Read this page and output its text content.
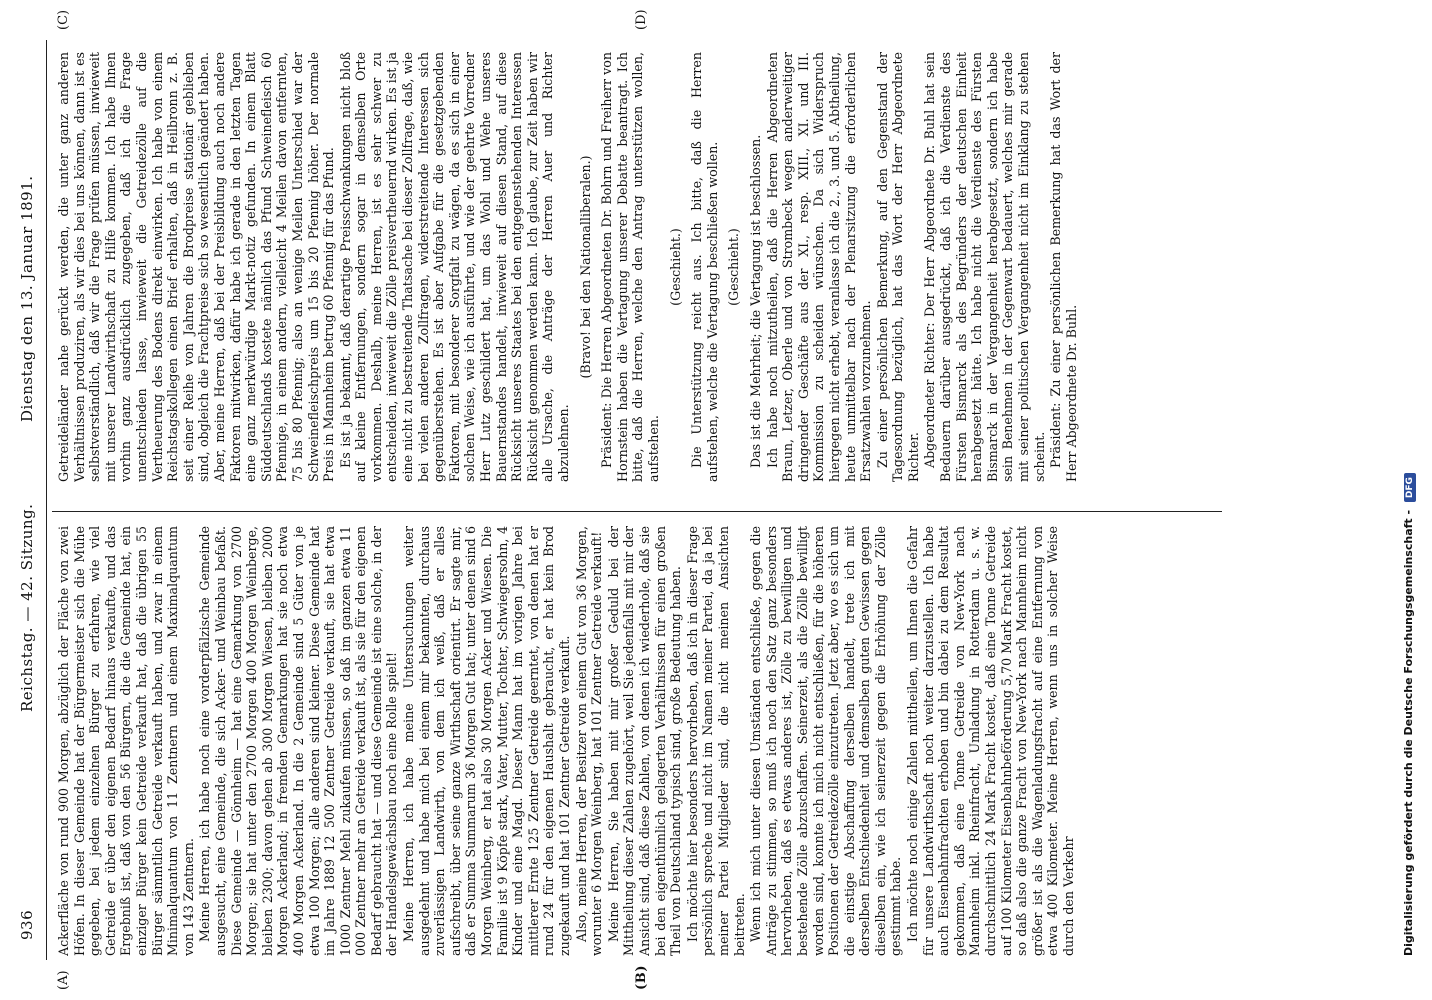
936
Reichstag. — 42. Sitzung.
Dienstag den 13. Januar 1891.
(A)	(B)
(C)	(D)

Ackerfläche von rund 900 Morgen, abzüglich der Fläche von zwei Höfen. In dieser Gemeinde hat der Bürgermeister sich die Mühe gegeben, bei jedem einzelnen Bürger zu erfahren, wie viel Getreide er über den eigenen Bedarf hinaus verkaufte, und das Ergebniß ist, daß von den 56 Bürgern, die die Gemeinde hat, ein einziger Bürger kein Getreide verkauft hat, daß die übrigen 55 Bürger sämmtlich Getreide verkauft haben, und zwar in einem Minimalquantum von 11 Zentnern und einem Maximalquantum von 143 Zentnern. Meine Herren, ich habe noch eine vorderpfälzische Gemeinde ausgesucht, eine Gemeinde, die sich Acker- und Weinbau befaßt. Diese Gemeinde — Gönnheim — hat eine Gemarkung von 2700 Morgen; sie hat unter den 2700 Morgen 400 Morgen Weinberge, bleiben 2300; davon gehen ab 300 Morgen Wiesen, bleiben 2000 Morgen Ackerland; in fremden Gemarkungen hat sie noch etwa 400 Morgen Ackerland. In die 2 Gemeinde sind 5 Güter von je etwa 100 Morgen; alle anderen sind kleiner. Diese Gemeinde hat im Jahre 1889 12 500 Zentner Getreide verkauft, sie hat etwa 1000 Zentner Mehl zukaufen müssen, so daß im ganzen etwa 11 000 Zentner mehr an Getreide verkauft ist, als sie für den eigenen Bedarf gebraucht hat — und diese Gemeinde ist eine solche, in der der Handelsgewächsbau noch eine Rolle spielt! Meine Herren, ich habe meine Untersuchungen weiter ausgedehnt und habe mich bei einem mir bekannten, durchaus zuverlässigen Landwirth, von dem ich weiß, daß er alles aufschreibt, über seine ganze Wirthschaft orientirt. Er sagte mir, daß er Summa Summarum 36 Morgen Gut hat; unter denen sind 6 Morgen Weinberg, er hat also 30 Morgen Acker und Wiesen. Die Familie ist 9 Köpfe stark, Vater, Mutter, Tochter, Schwiegersohn, 4 Kinder und eine Magd. Dieser Mann hat im vorigen Jahre bei mittlerer Ernte 125 Zentner Getreide geerntet, von denen hat er rund 24 für den eigenen Haushalt gebraucht, er hat kein Brod zugekauft und hat 101 Zentner Getreide verkauft. Also, meine Herren, der Besitzer von einem Gut von 36 Morgen, worunter 6 Morgen Weinberg, hat 101 Zentner Getreide verkauft! Meine Herren, Sie haben mit mir großer Geduld bei der Mittheilung dieser Zahlen zugehört, weil Sie jedenfalls mit mir der Ansicht sind, daß diese Zahlen, von denen ich wiederhole, daß sie bei den eigenthümlich gelagerten Verhältnissen für einen großen Theil von Deutschland typisch sind, große Bedeutung haben. Ich möchte hier besonders hervorheben, daß ich in dieser Frage persönlich spreche und nicht im Namen meiner Partei, da ja bei meiner Partei Mitglieder sind, die nicht meinen Ansichten beitreten. Wenn ich mich unter diesen Umständen entschließe, gegen die Anträge zu stimmen, so muß ich noch den Satz ganz besonders hervorheben, daß es etwas anderes ist, Zölle zu bewilligen und bestehende Zölle abzuschaffen. Seinerzeit, als die Zölle bewilligt worden sind, konnte ich mich nicht entschließen, für die höheren Positionen der Getreidezölle einzutreten. Jetzt aber, wo es sich um die einstige Abschaffung derselben handelt, trete ich mit derselben Entschiedenheit und demselben guten Gewissen gegen dieselben ein, wie ich seinerzeit gegen die Erhöhung der Zölle gestimmt habe. Ich möchte noch einige Zahlen mittheilen, um Ihnen die Gefahr für unsere Landwirthschaft noch weiter darzustellen. Ich habe auch Eisenbahnfrachten erhoben und bin dabei zu dem Resultat gekommen, daß eine Tonne Getreide von New-York nach Mannheim inkl. Rheinfracht, Umladung in Rotterdam u. s. w. durchschnittlich 24 Mark Fracht kostet, daß eine Tonne Getreide auf 100 Kilometer Eisenbahnbeförderung 5,70 Mark Fracht kostet, so daß also die ganze Fracht von New-York nach Mannheim nicht größer ist als die Wagenladungsfracht auf eine Entfernung von etwa 400 Kilometer. Meine Herren, wenn uns in solcher Weise durch den Verkehr

Getreideländer nahe gerückt werden, die unter ganz anderen Verhältnissen produziren, als wir dies bei uns können, dann ist es selbstverständlich, daß wir die Frage prüfen müssen, inwieweit mit unserer Landwirthschaft zu Hilfe kommen. Ich habe Ihnen vorhin ganz ausdrücklich zugegeben, daß ich die Frage unentschieden lasse, inwieweit die Getreidezölle auf die Vertheuerung des Bodens direkt einwirken. Ich habe von einem Reichstagskollegen einen Brief erhalten, daß in Heilbronn z. B. seit einer Reihe von Jahren die Brodpreise stationär geblieben sind, obgleich die Frachtpreise sich so wesentlich geändert haben. Aber, meine Herren, daß bei der Preisbildung auch noch andere Faktoren mitwirken, dafür habe ich gerade in den letzten Tagen eine ganz merkwürdige Markt-notiz gefunden. In einem Blatt Süddeutschlands kostete nämlich das Pfund Schweinefleisch 60 Pfennige, in einem andern, vielleicht 4 Meilen davon entfernten, 75 bis 80 Pfennig; also an wenige Meilen Unterschied war der Schweinefleischpreis um 15 bis 20 Pfennig höher. Der normale Preis in Mannheim betrug 60 Pfennig für das Pfund. Es ist ja bekannt, daß derartige Preisschwankungen nicht bloß auf kleine Entfernungen, sondern sogar in demselben Orte vorkommen. Deshalb, meine Herren, ist es sehr schwer zu entscheiden, inwieweit die Zölle preisvertheuernd wirken. Es ist ja eine nicht zu bestreitende Thatsache bei dieser Zollfrage, daß, wie bei vielen anderen Zollfragen, widerstreitende Interessen sich gegenüberstehen. Es ist aber Aufgabe für die gesetzgebenden Faktoren, mit besonderer Sorgfalt zu wägen, da es sich in einer solchen Weise, wie ich ausführte, und wie der geehrte Vorredner Herr Lutz geschildert hat, um das Wohl und Wehe unseres Bauernstandes handelt, inwieweit auf diesen Stand, auf diese Rücksicht unseres Staates bei den entgegenstehenden Interessen Rücksicht genommen werden kann. Ich glaube, zur Zeit haben wir alle Ursache, die Anträge der Herren Auer und Richter abzulehnen.

(Bravo! bei den Nationalliberalen.) Präsident: Die Herren Abgeordneten Dr. Bohrn und Freiherr von Hornstein haben die Vertagung unserer Debatte beantragt. Ich bitte, daß die Herren, welche den Antrag unterstützen wollen, aufstehen.

(Geschieht.) Die Unterstützung reicht aus. Ich bitte, daß die Herren aufstehen, welche die Vertagung beschließen wollen. (Geschieht.) Das ist die Mehrheit; die Vertagung ist beschlossen. Ich habe noch mitzutheilen, daß die Herren Abgeordneten Braun, Letzer, Oberle und von Strombeck wegen anderweitiger dringender Geschäfte aus der XI., resp. XIII., XI. und III. Kommission zu scheiden wünschen. Da sich Widerspruch hiergegen nicht erhebt, veranlasse ich die 2., 3. und 5. Abtheilung, heute unmittelbar nach der Plenarsitzung die erforderlichen Ersatzwahlen vorzunehmen. Zu einer persönlichen Bemerkung, auf den Gegenstand der Tagesordnung bezüglich, hat das Wort der Herr Abgeordnete Richter. Abgeordneter Richter: Der Herr Abgeordnete Dr. Buhl hat sein Bedauern darüber ausgedrückt, daß ich die Verdienste des Fürsten Bismarck als des Begründers der deutschen Einheit herabgesetzt hätte. Ich habe nicht die Verdienste des Fürsten Bismarck in der Vergangenheit herabgesetzt, sondern ich habe sein Benehmen in der Gegenwart bedauert, welches mir gerade mit seiner politischen Vergangenheit nicht im Einklang zu stehen scheint. Präsident: Zu einer persönlichen Bemerkung hat das Wort der Herr Abgeordnete Dr. Buhl.

Digitalisierung gefördert durch die Deutsche Forschungsgemeinschaft - DFG
